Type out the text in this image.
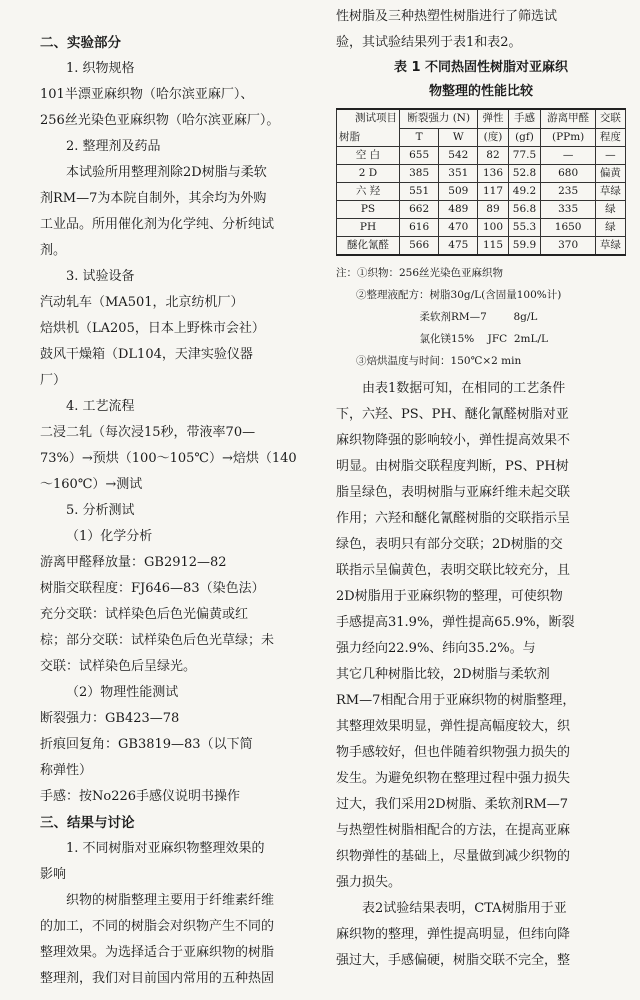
二、实验部分
1. 织物规格
101半漂亚麻织物（哈尔滨亚麻厂）、
256丝光染色亚麻织物（哈尔滨亚麻厂）。
2. 整理剂及药品
本试验所用整理剂除2D树脂与柔软
剂RM—7为本院自制外，其余均为外购
工业品。所用催化剂为化学纯、分析纯试
剂。
3. 试验设备
汽动轧车（MA501，北京纺机厂）
焙烘机（LA205，日本上野株市会社）
鼓风干燥箱（DL104，天津实验仪器
厂）
4. 工艺流程
二浸二轧（每次浸15秒，带液率70—
73%）→预烘（100～105℃）→焙烘（140
～160℃）→测试
5. 分析测试
（1）化学分析
游离甲醛释放量：GB2912—82
树脂交联程度：FJ646—83（染色法）
充分交联：试样染色后色光偏黄或红
棕；部分交联：试样染色后色光草绿；未
交联：试样染色后呈绿光。
（2）物理性能测试
断裂强力：GB423—78
折痕回复角：GB3819—83（以下简
称弹性）
手感：按No226手感仪说明书操作
三、结果与讨论
1. 不同树脂对亚麻织物整理效果的
影响
织物的树脂整理主要用于纤维素纤维
的加工，不同的树脂会对织物产生不同的
整理效果。为选择适合于亚麻织物的树脂
整理剂，我们对目前国内常用的五种热固
性树脂及三种热塑性树脂进行了筛选试
验，其试验结果列于表1和表2。
表 1 不同热固性树脂对亚麻织
物整理的性能比较
测试项目
树脂	断裂强力 (N)		弹性	手感	游离甲醛	交联
	T	W	(度)	(gf)	(PPm)	程度
空 白	655	542	82	77.5	—	—
2 D	385	351	136	52.8	680	偏黄
六 羟	551	509	117	49.2	235	草绿
PS	662	489	89	56.8	335	绿
PH	616	470	100	55.3	1650	绿
醚化氰醛	566	475	115	59.9	370	草绿
注：①织物：256丝光染色亚麻织物
②整理液配方：树脂30g/L(含固量100%计)
柔软剂RM—7        8g/L
氯化镁15%    JFC  2mL/L
③焙烘温度与时间：150℃×2 min
由表1数据可知，在相同的工艺条件
下，六羟、PS、PH、醚化氰醛树脂对亚
麻织物降强的影响较小，弹性提高效果不
明显。由树脂交联程度判断，PS、PH树
脂呈绿色，表明树脂与亚麻纤维未起交联
作用；六羟和醚化氰醛树脂的交联指示呈
绿色，表明只有部分交联；2D树脂的交
联指示呈偏黄色，表明交联比较充分，且
2D树脂用于亚麻织物的整理，可使织物
手感提高31.9%，弹性提高65.9%，断裂
强力经向22.9%、纬向35.2%。与
其它几种树脂比较，2D树脂与柔软剂
RM—7相配合用于亚麻织物的树脂整理，
其整理效果明显，弹性提高幅度较大，织
物手感较好，但也伴随着织物强力损失的
发生。为避免织物在整理过程中强力损失
过大，我们采用2D树脂、柔软剂RM—7
与热塑性树脂相配合的方法，在提高亚麻
织物弹性的基础上，尽量做到减少织物的
强力损失。
表2试验结果表明，CTA树脂用于亚
麻织物的整理，弹性提高明显，但纬向降
强过大，手感偏硬，树脂交联不完全，整
